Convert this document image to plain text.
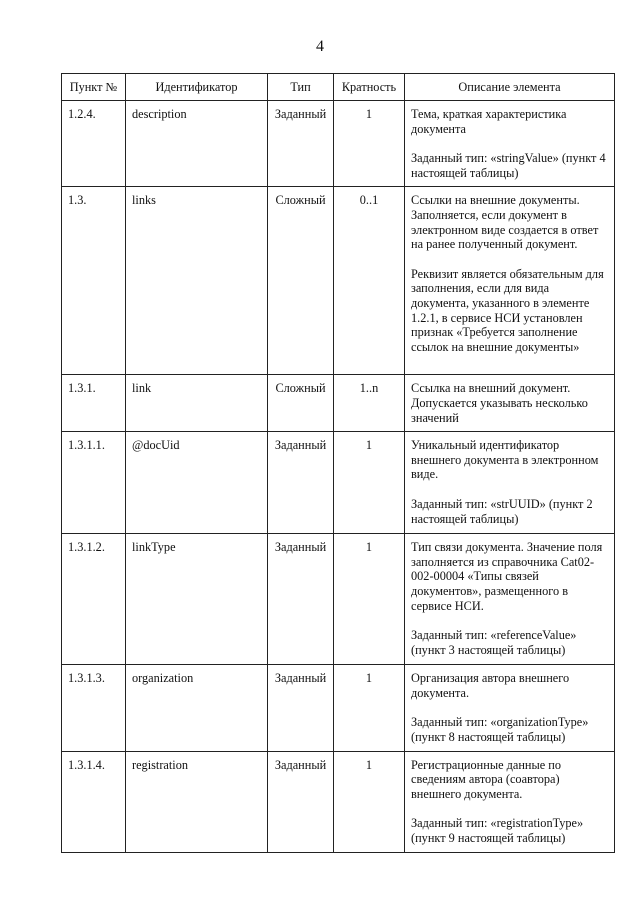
4
Пункт №	Идентификатор	Тип	Кратность	Описание элемента
1.2.4.	description	Заданный	1	Тема, краткая характеристика документа
Заданный тип: «stringValue» (пункт 4 настоящей таблицы)

1.3.	links	Сложный	0..1	Ссылки на внешние документы. Заполняется, если документ в электронном виде создается в ответ на ранее полученный документ.
Реквизит является обязательным для заполнения, если для вида документа, указанного в элементе 1.2.1, в сервисе НСИ установлен признак «Требуется заполнение ссылок на внешние документы»

1.3.1.	link	Сложный	1..n	Ссылка на внешний документ. Допускается указывать несколько значений

1.3.1.1.	@docUid	Заданный	1	Уникальный идентификатор внешнего документа в электронном виде.
Заданный тип: «strUUID» (пункт 2 настоящей таблицы)

1.3.1.2.	linkType	Заданный	1	Тип связи документа. Значение поля заполняется из справочника Cat02-002-00004 «Типы связей документов», размещенного в сервисе НСИ.
Заданный тип: «referenceValue» (пункт 3 настоящей таблицы)

1.3.1.3.	organization	Заданный	1	Организация автора внешнего документа.
Заданный тип: «organizationType» (пункт 8 настоящей таблицы)

1.3.1.4.	registration	Заданный	1	Регистрационные данные по сведениям автора (соавтора) внешнего документа.
Заданный тип: «registrationType» (пункт 9 настоящей таблицы)
